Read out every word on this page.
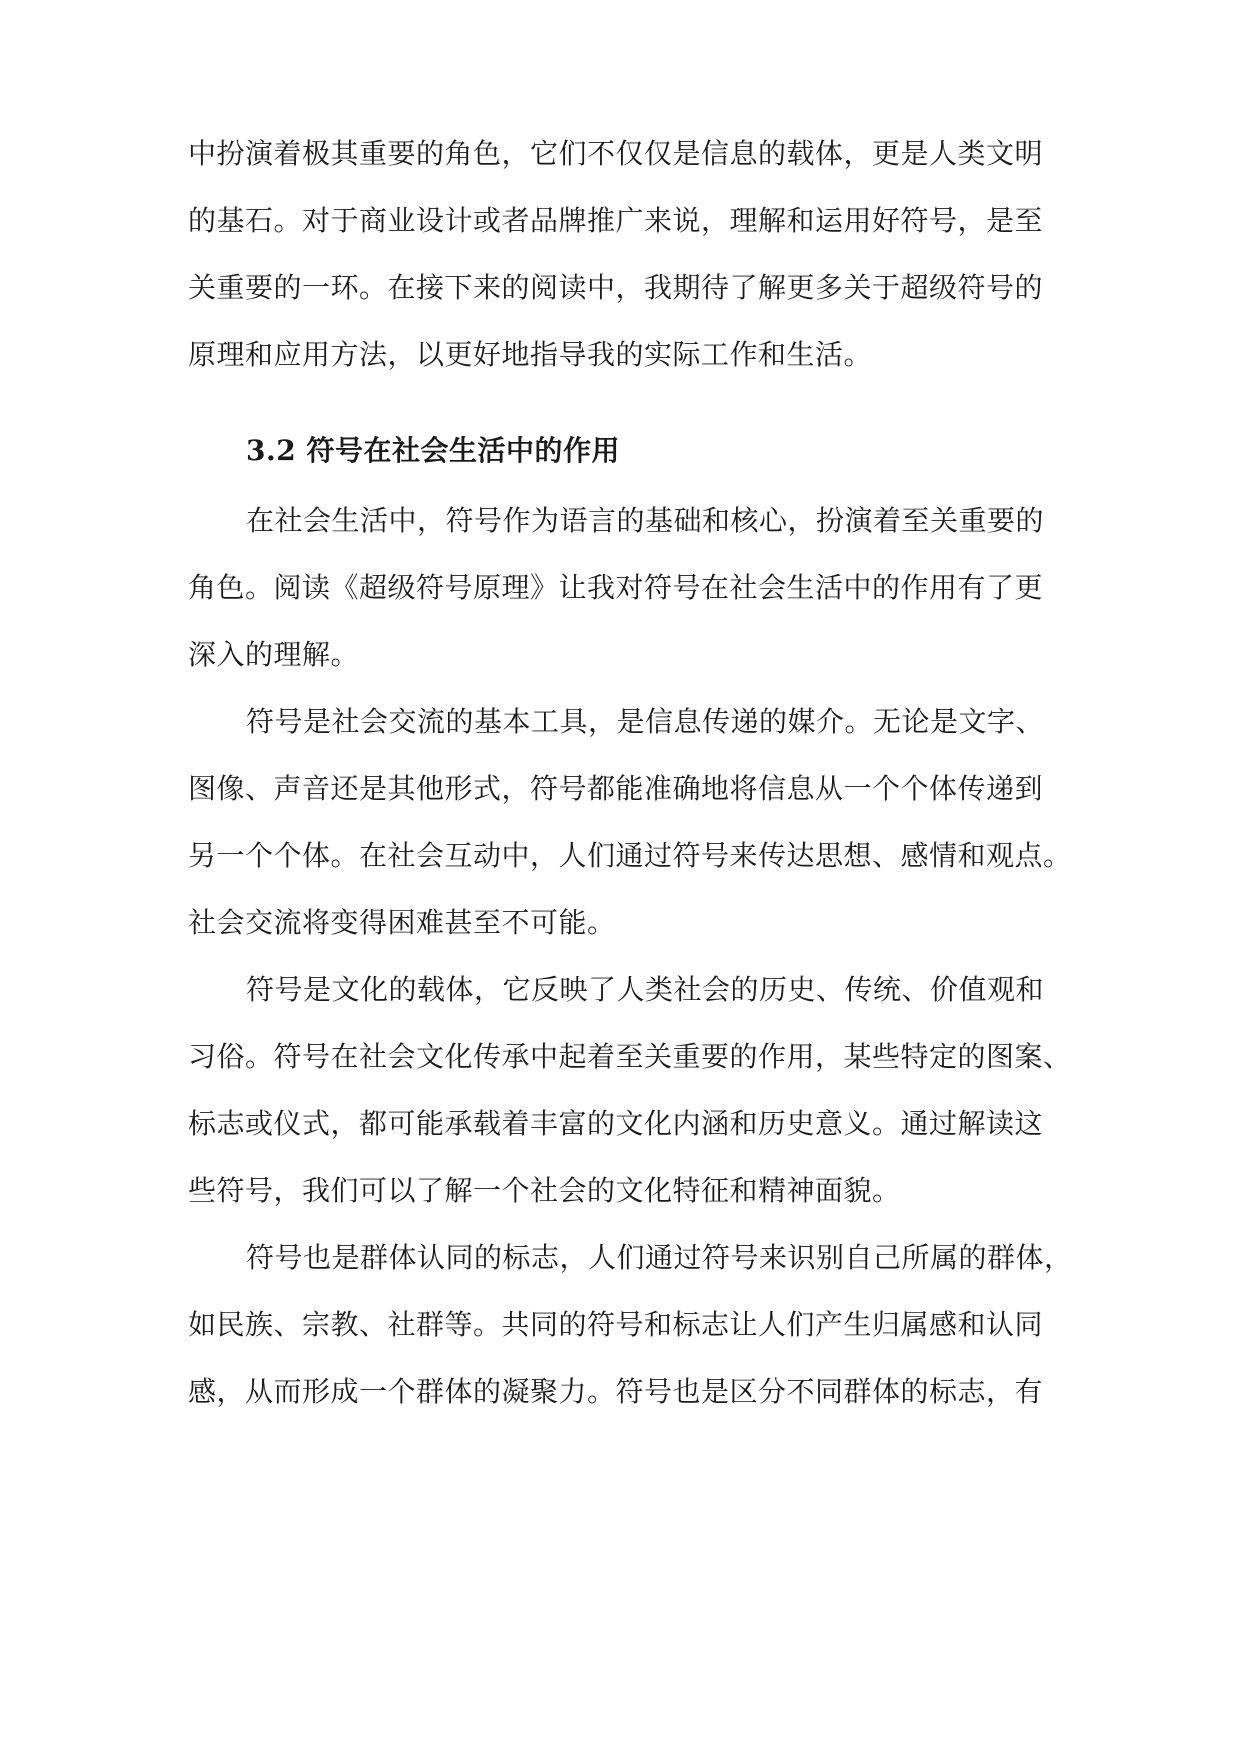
中扮演着极其重要的角色，它们不仅仅是信息的载体，更是人类文明
的基石。对于商业设计或者品牌推广来说，理解和运用好符号，是至
关重要的一环。在接下来的阅读中，我期待了解更多关于超级符号的
原理和应用方法，以更好地指导我的实际工作和生活。
3.2 符号在社会生活中的作用
在社会生活中，符号作为语言的基础和核心，扮演着至关重要的
角色。阅读《超级符号原理》让我对符号在社会生活中的作用有了更
深入的理解。
符号是社会交流的基本工具，是信息传递的媒介。无论是文字、
图像、声音还是其他形式，符号都能准确地将信息从一个个体传递到
另一个个体。在社会互动中，人们通过符号来传达思想、感情和观点。
社会交流将变得困难甚至不可能。
符号是文化的载体，它反映了人类社会的历史、传统、价值观和
习俗。符号在社会文化传承中起着至关重要的作用，某些特定的图案、
标志或仪式，都可能承载着丰富的文化内涵和历史意义。通过解读这
些符号，我们可以了解一个社会的文化特征和精神面貌。
符号也是群体认同的标志，人们通过符号来识别自己所属的群体，
如民族、宗教、社群等。共同的符号和标志让人们产生归属感和认同
感，从而形成一个群体的凝聚力。符号也是区分不同群体的标志，有
